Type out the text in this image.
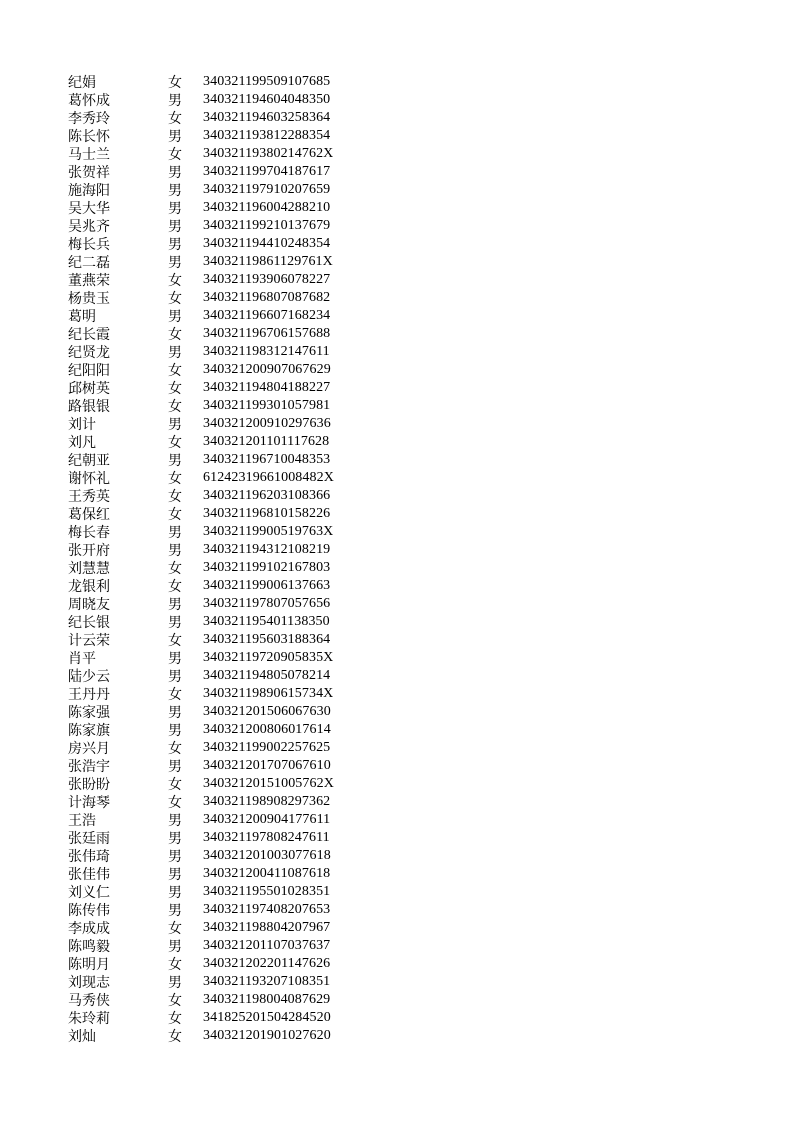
纪娟	女	340321199509107685
葛怀成	男	340321194604048350
李秀玲	女	340321194603258364
陈长怀	男	340321193812288354
马士兰	女	34032119380214762X
张贺祥	男	340321199704187617
施海阳	男	340321197910207659
吴大华	男	340321196004288210
吴兆齐	男	340321199210137679
梅长兵	男	340321194410248354
纪二磊	男	34032119861129761X
董燕荣	女	340321193906078227
杨贵玉	女	340321196807087682
葛明	男	340321196607168234
纪长霞	女	340321196706157688
纪贤龙	男	340321198312147611
纪阳阳	女	340321200907067629
邱树英	女	340321194804188227
路银银	女	340321199301057981
刘计	男	340321200910297636
刘凡	女	340321201101117628
纪朝亚	男	340321196710048353
谢怀礼	女	61242319661008482X
王秀英	女	340321196203108366
葛保红	女	340321196810158226
梅长春	男	34032119900519763X
张开府	男	340321194312108219
刘慧慧	女	340321199102167803
龙银利	女	340321199006137663
周晓友	男	340321197807057656
纪长银	男	340321195401138350
计云荣	女	340321195603188364
肖平	男	34032119720905835X
陆少云	男	340321194805078214
王丹丹	女	34032119890615734X
陈家强	男	340321201506067630
陈家旗	男	340321200806017614
房兴月	女	340321199002257625
张浩宇	男	340321201707067610
张盼盼	女	34032120151005762X
计海琴	女	340321198908297362
王浩	男	340321200904177611
张廷雨	男	340321197808247611
张伟琦	男	340321201003077618
张佳伟	男	340321200411087618
刘义仁	男	340321195501028351
陈传伟	男	340321197408207653
李成成	女	340321198804207967
陈鸣毅	男	340321201107037637
陈明月	女	340321202201147626
刘现志	男	340321193207108351
马秀侠	女	340321198004087629
朱玲莉	女	341825201504284520
刘灿	女	340321201901027620
